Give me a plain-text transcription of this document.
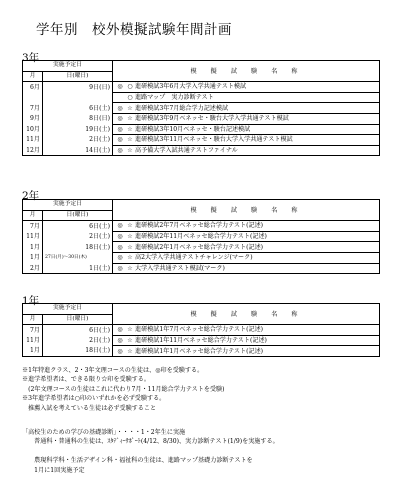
学年別　校外模擬試験年間計画
3年
実施予定日		模　擬　試　験　名　称
月	日(曜日)	
6月	9日(日)	◎ ○ 進研模試3年6月大学入学共通テスト模試
		○ 進路マップ　実力診断テスト
7月	6日(土)	◎ ☆ 進研模試3年7月総合学力記述模試
9月	8日(日)	◎ ☆ 進研模試3年9月ベネッセ・駿台大学入学共通テスト模試
10月	19日(土)	◎ ☆ 進研模試3年10月ベネッセ・駿台記述模試
11月	2日(土)	◎ ☆ 進研模試3年11月ベネッセ・駿台大学入学共通テスト模試
12月	14日(土)	◎ ☆ 高予備大学入試共通テストファイナル
2年
実施予定日		模　擬　試　験　名　称
月	日(曜日)	
7月	6日(土)	◎ ☆ 進研模試2年7月ベネッセ総合学力テスト(記述)
11月	2日(土)	◎ ☆ 進研模試2年11月ベネッセ総合学力テスト(記述)
1月	18日(土)	◎ ☆ 進研模試2年1月ベネッセ総合学力テスト(記述)
1月	27日(月)～30日(木)	◎ ☆ 高2大学入学共通テストチャレンジ(マーク)
2月	1日(土)	◎ ☆ 大学入学共通テスト模試(マーク)
1年
実施予定日		模　擬　試　験　名　称
月	日(曜日)	
7月	6日(土)	◎ ☆ 進研模試1年7月ベネッセ総合学力テスト(記述)
11月	2日(土)	◎ ☆ 進研模試1年11月ベネッセ総合学力テスト(記述)
1月	18日(土)	◎ ☆ 進研模試1年1月ベネッセ総合学力テスト(記述)
※1年特進クラス、2・3年文理コースの生徒は、◎印を受験する。
※進学希望者は、できる限り☆印を受験する。
　(2年文理コースの生徒はこれに代わり7月・11月総合学力テストを受験)
※3年進学希望者は○印のいずれかを必ず受験する。
　推薦入試を考えている生徒は必ず受験すること
「高校生のための学びの基礎診断」・・・・1・2年生に実施
　　普通科・普通科の生徒は、ｽﾀﾃﾞｨｰｻﾎﾟｰﾄ(4/12、8/30)、実力診断テスト(1/9)を実施する。

　　農現科学科・生活デザイン科・福祉科の生徒は、進路マップ基礎力診断テストを
　　1月に1回実施予定
